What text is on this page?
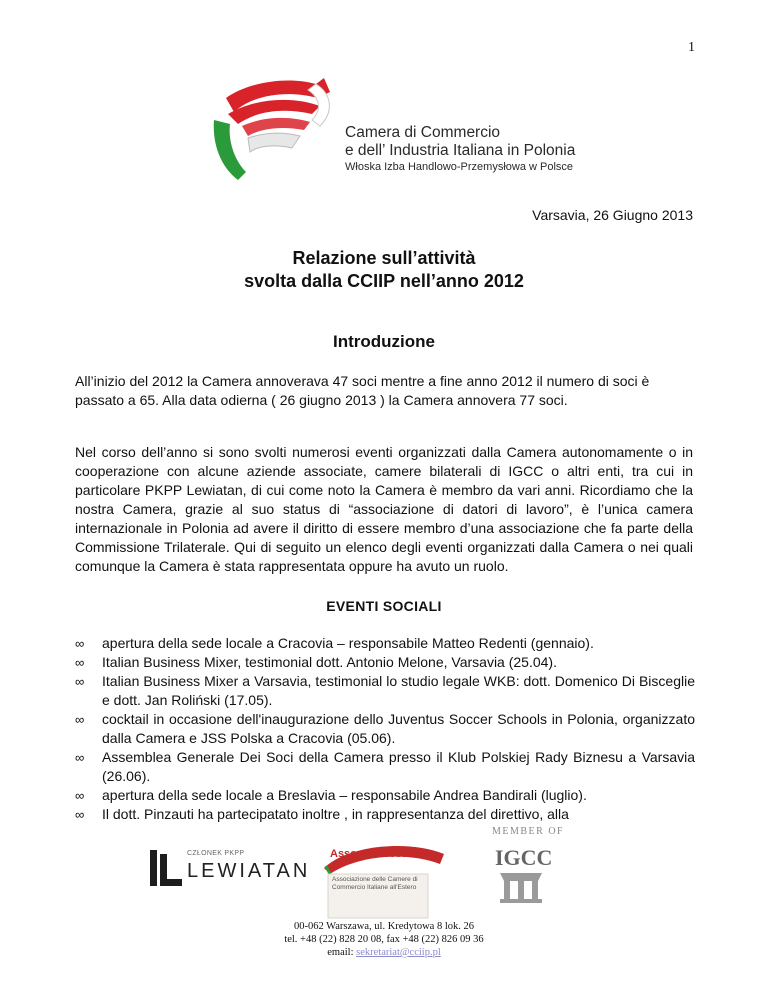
1
Camera di Commercio
e dell’ Industria Italiana in Polonia
Włoska Izba Handlowo-Przemysłowa w Polsce
Varsavia, 26 Giugno 2013
Relazione sull’attività
svolta dalla CCIIP nell’anno 2012
Introduzione
All’inizio del 2012 la Camera annoverava 47 soci mentre a fine anno 2012 il numero di soci è passato a 65. Alla data odierna ( 26 giugno 2013 ) la Camera annovera 77 soci.
Nel corso dell’anno si sono svolti numerosi eventi organizzati dalla Camera autonomamente o in cooperazione con alcune aziende associate, camere bilaterali di IGCC o altri enti, tra cui in particolare PKPP Lewiatan, di cui come noto la Camera è membro da vari anni. Ricordiamo che la nostra Camera, grazie al suo status di “associazione di datori di lavoro”, è l’unica camera internazionale in Polonia ad avere il diritto di essere membro d’una associazione che fa parte della Commissione Trilaterale. Qui di seguito un elenco degli eventi organizzati dalla Camera o nei quali comunque la Camera è stata rappresentata oppure ha avuto un ruolo.
EVENTI SOCIALI
∞ apertura della sede locale a Cracovia – responsabile Matteo Redenti (gennaio).
∞ Italian Business Mixer, testimonial dott. Antonio Melone, Varsavia (25.04).
∞ Italian Business Mixer a Varsavia, testimonial lo studio legale WKB: dott. Domenico Di Bisceglie e dott. Jan Roliński (17.05).
∞ cocktail in occasione dell'inaugurazione dello Juventus Soccer Schools in Polonia, organizzato dalla Camera e JSS Polska a Cracovia (05.06).
∞ Assemblea Generale Dei Soci della Camera presso il Klub Polskiej Rady Biznesu a Varsavia (26.06).
∞ apertura della sede locale a Breslavia – responsabile Andrea Bandirali (luglio).
∞ Il dott. Pinzauti ha partecipatato inoltre , in rappresentanza del direttivo, alla
CZŁONEK PKPP
LEWIATAN
Assocamerestero
Associazione delle Camere di Commercio Italiane all'Estero
MEMBER OF
IGCC
00-062 Warszawa, ul. Kredytowa 8 lok. 26
tel. +48 (22) 828 20 08, fax +48 (22) 826 09 36
email: sekretariat@cciip.pl
